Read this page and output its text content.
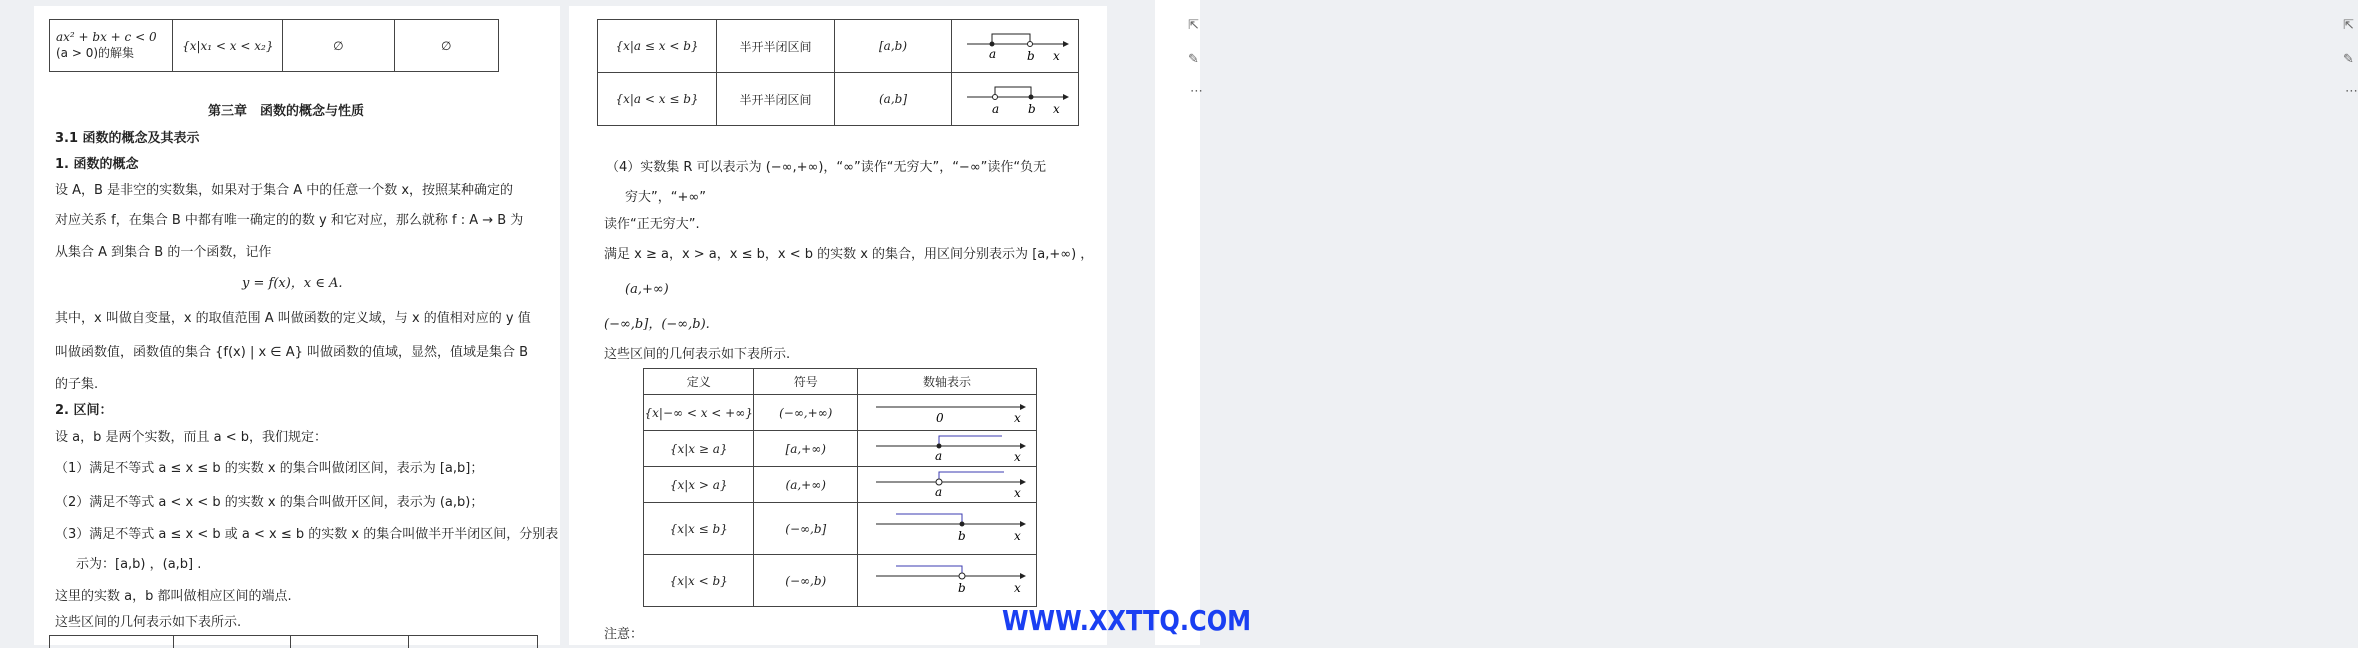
ax² + bx + c < 0
(a > 0)的解集
	{x|x₁ < x < x₂}	∅	∅
第三章　函数的概念与性质
3.1 函数的概念及其表示
1. 函数的概念
设 A，B 是非空的实数集，如果对于集合 A 中的任意一个数 x，按照某种确定的
对应关系 f，在集合 B 中都有唯一确定的的数 y 和它对应，那么就称 f : A → B 为
从集合 A 到集合 B 的一个函数，记作
y = f(x)，x ∈ A.
其中，x 叫做自变量，x 的取值范围 A 叫做函数的定义域，与 x 的值相对应的 y 值
叫做函数值，函数值的集合 {f(x) | x ∈ A} 叫做函数的值域，显然，值域是集合 B
的子集.
2. 区间：
设 a，b 是两个实数，而且 a < b，我们规定：
（1）满足不等式 a ≤ x ≤ b 的实数 x 的集合叫做闭区间，表示为 [a,b]；
（2）满足不等式 a < x < b 的实数 x 的集合叫做开区间，表示为 (a,b)；
（3）满足不等式 a ≤ x < b 或 a < x ≤ b 的实数 x 的集合叫做半开半闭区间，分别表
示为：[a,b) ，(a,b] .
这里的实数 a，b 都叫做相应区间的端点.
这些区间的几何表示如下表所示.
{x|a ≤ x < b}	半开半闭区间	[a,b)	a b x

{x|a < x ≤ b}	半开半闭区间	(a,b]	a b x
（4）实数集 R 可以表示为 (−∞,+∞)，“∞”读作“无穷大”，“−∞”读作“负无
穷大”，“+∞”
读作“正无穷大”.
满足 x ≥ a，x > a，x ≤ b，x < b 的实数 x 的集合，用区间分别表示为 [a,+∞) ，
(a,+∞)
(−∞,b]，(−∞,b).
这些区间的几何表示如下表所示.
定义	符号	数轴表示
{x|−∞ < x < +∞}	(−∞,+∞)	0 x

{x|x ≥ a}	[a,+∞)	a x

{x|x > a}	(a,+∞)	a x

{x|x ≤ b}	(−∞,b]	b x

{x|x < b}	(−∞,b)	b x
注意：
⇱
✎
⋯
⇱
✎
⋯
WWW.XXTTQ.COM
